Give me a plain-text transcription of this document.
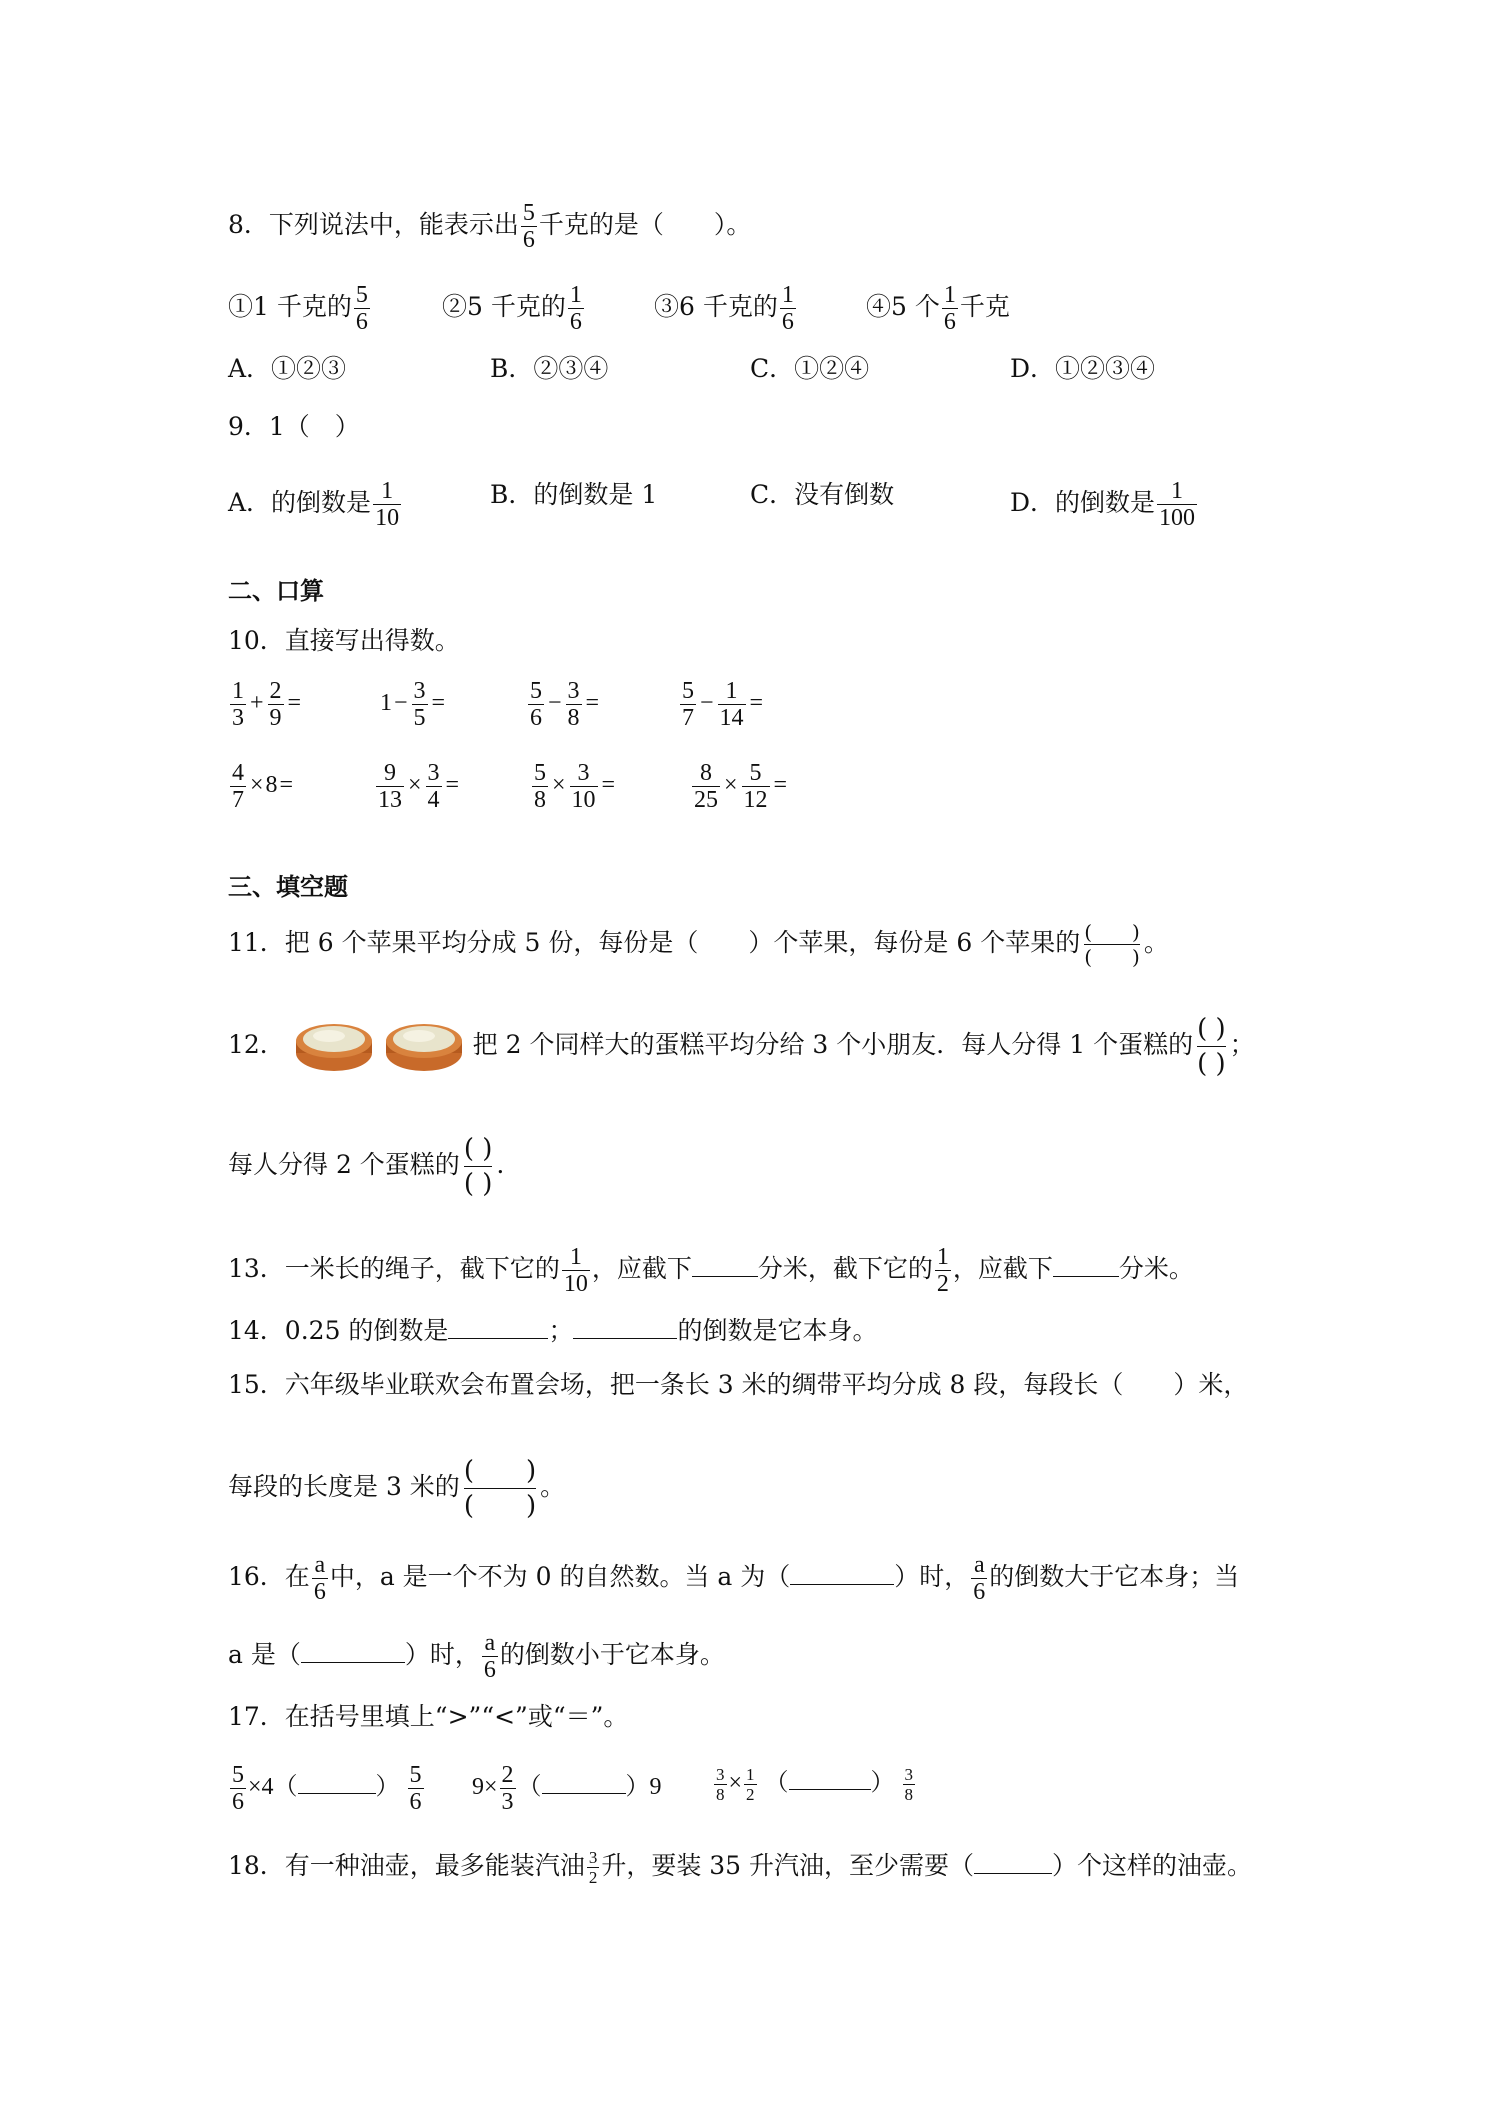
8．下列说法中，能表示出 $\frac{5}{6}$ 千克的是（　　）。
①1 千克的 $\frac{5}{6}$	②5 千克的 $\frac{1}{6}$	③6 千克的 $\frac{1}{6}$	④5 个 $\frac{1}{6}$ 千克
A．①②③	B．②③④	C．①②④	D．①②③④
9．1（　）
A．的倒数是 $\frac{1}{10}$	B．的倒数是 1	C．没有倒数	D．的倒数是 $\frac{1}{100}$
二、口算
10．直接写出得数。
$\frac{1}{3} + \frac{2}{9}$ =	$1- \frac{3}{5}$ =	$\frac{5}{6} - \frac{3}{8}$ =	$\frac{5}{7} - \frac{1}{14}$ =
$\frac{4}{7} \times 8=$	$\frac{9}{13} \times \frac{3}{4}$ =	$\frac{5}{8} \times \frac{3}{10}$ =	$\frac{8}{25} \times \frac{5}{12}$ =
三、填空题
11．把 6 个苹果平均分成 5 份，每份是（　　）个苹果，每份是 6 个苹果的 (　　)
(　　) 。
12．	把 2 个同样大的蛋糕平均分给 3 个小朋友．每人分得 1 个蛋糕的
( )
( )
；
每人分得 2 个蛋糕的
( )
( )
.
13．一米长的绳子，截下它的 $\frac{1}{10}$ ，应截下	分米，截下它的 $\frac{1}{2}$ ，应截下	分米。
14．0.25 的倒数是	；	的倒数是它本身。
15．六年级毕业联欢会布置会场，把一条长 3 米的绸带平均分成 8 段，每段长（　　）米，
每段的长度是 3 米的
(　　)
(　　)
。
16．在 $\frac{a}{6}$ 中，a 是一个不为 0 的自然数。当 a 为（	）时， $\frac{a}{6}$ 的倒数大于它本身；当
a 是（	）时， $\frac{a}{6}$ 的倒数小于它本身。
17．在括号里填上“>”“<”或“＝”。
$\frac{5}{6} \times 4$（	） $\frac{5}{6} 9\times \frac{2}{3}$ （	）9	$\frac{3}{8} \times \frac{1}{2}$ （	） $\frac{3}{8}$
18．有一种油壶，最多能装汽油 $\frac{3}{2}$ 升，要装 35 升汽油，至少需要（	）个这样的油壶。
